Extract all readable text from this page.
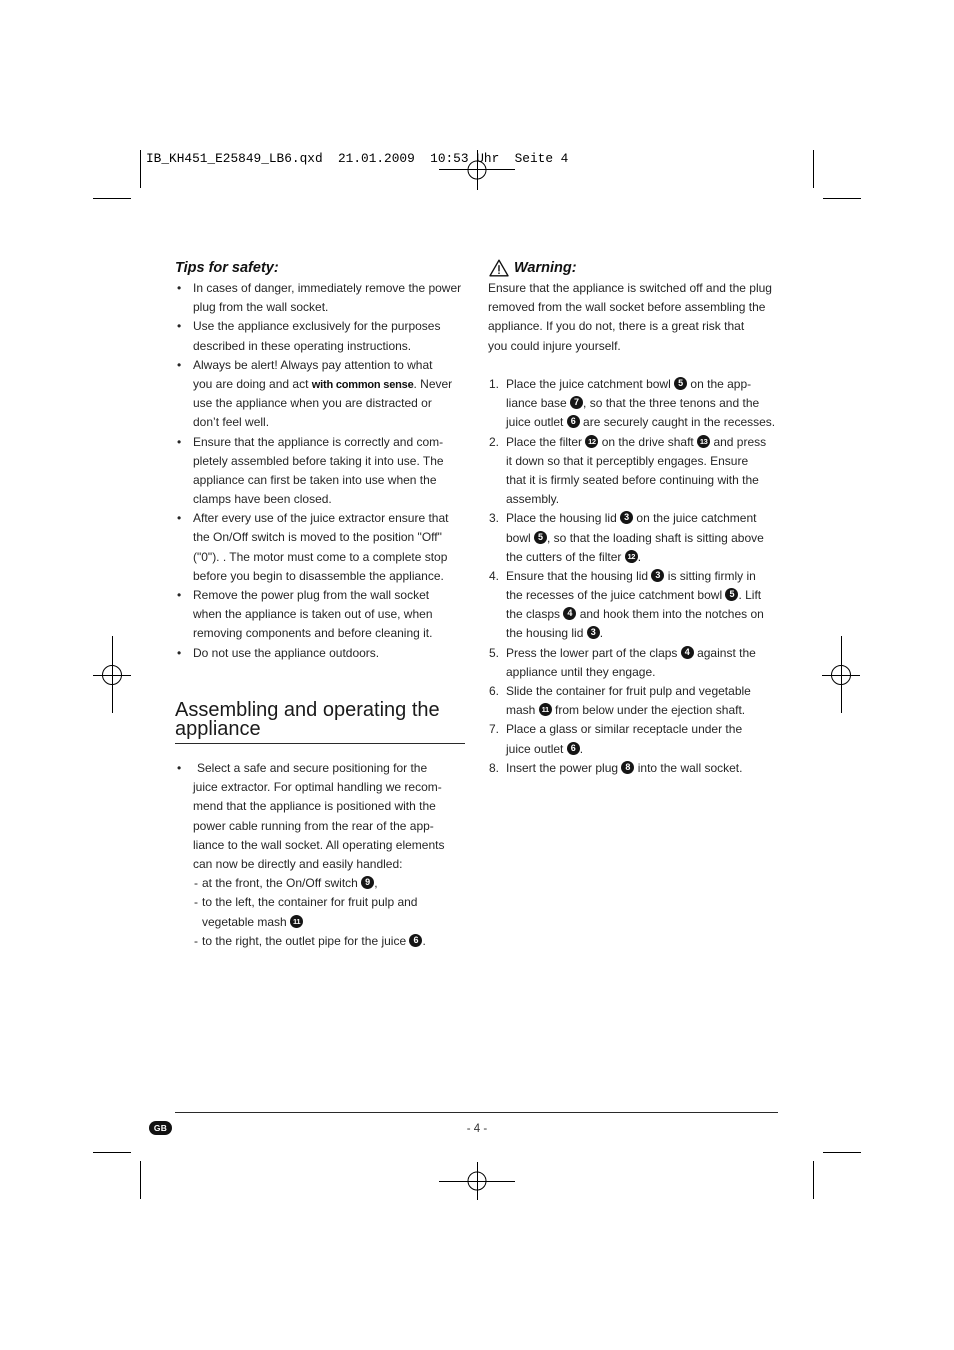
IB_KH451_E25849_LB6.qxd  21.01.2009  10:53 Uhr  Seite 4
Tips for safety:
• In cases of danger, immediately remove the power
plug from the wall socket.
• Use the appliance exclusively for the purposes
described in these operating instructions.
• Always be alert! Always pay attention to what
you are doing and act with common sense. Never
use the appliance when you are distracted or
don’t feel well.
• Ensure that the appliance is correctly and com-
pletely assembled before taking it into use. The
appliance can first be taken into use when the
clamps have been closed.
• After every use of the juice extractor ensure that
the On/Off switch is moved to the position "Off"
("0"). . The motor must come to a complete stop
before you begin to disassemble the appliance.
• Remove the power plug from the wall socket
when the appliance is taken out of use, when
removing components and before cleaning it.
• Do not use the appliance outdoors.
Assembling and operating the
appliance
•	Select a safe and secure positioning for the
juice extractor. For optimal handling we recom-
mend that the appliance is positioned with the
power cable running from the rear of the app-
liance to the wall socket. All operating elements
can now be directly and easily handled:
- at the front, the On/Off switch ,
- to the left, the container for fruit pulp and
vegetable mash
- to the right, the outlet pipe for the juice .
Warning:
Ensure that the appliance is switched off and the plug
removed from the wall socket before assembling the
appliance. If you do not, there is a great risk that
you could injure yourself.
1. Place the juice catchment bowl  on the app-
liance base , so that the three tenons and the
juice outlet  are securely caught in the recesses.
2. Place the filter  on the drive shaft  and press
it down so that it perceptibly engages. Ensure
that it is firmly seated before continuing with the
assembly.
3. Place the housing lid  on the juice catchment
bowl , so that the loading shaft is sitting above
the cutters of the filter .
4. Ensure that the housing lid  is sitting firmly in
the recesses of the juice catchment bowl . Lift
the clasps  and hook them into the notches on
the housing lid .
5. Press the lower part of the claps  against the
appliance until they engage.
6. Slide the container for fruit pulp and vegetable
mash  from below under the ejection shaft.
7. Place a glass or similar receptacle under the
juice outlet .
8. Insert the power plug  into the wall socket.
GB	- 4 -
